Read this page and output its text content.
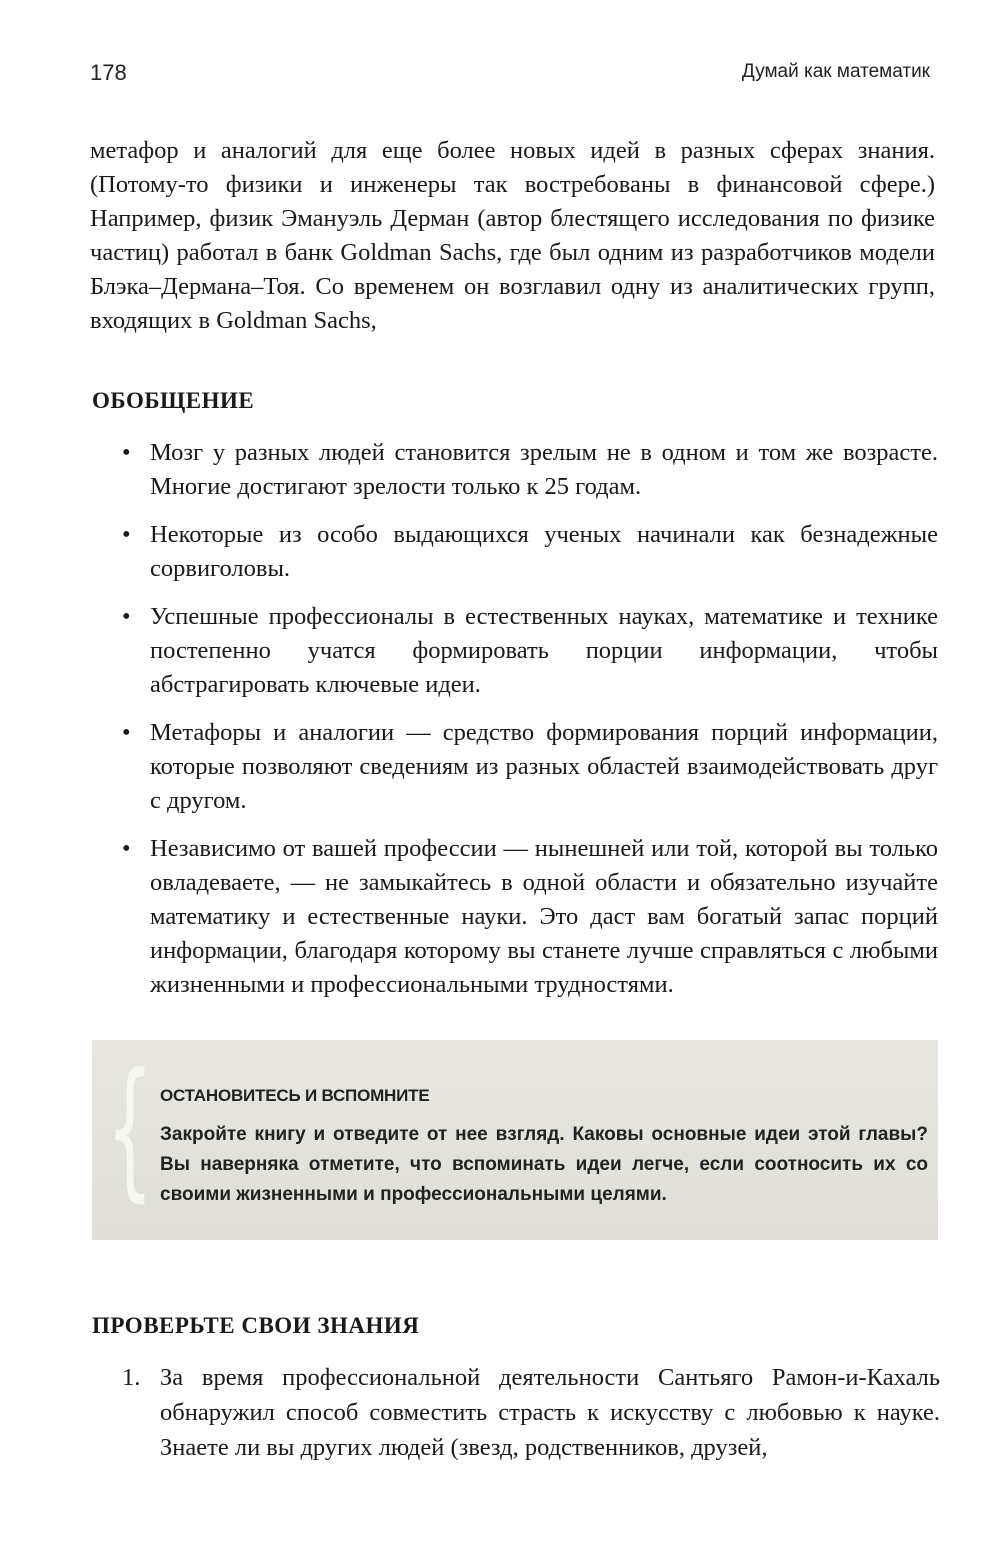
178	Думай как математик
метафор и аналогий для еще более новых идей в разных сферах знания. (Потому-то физики и инженеры так востребованы в финансовой сфере.) Например, физик Эмануэль Дерман (автор блестящего исследования по физике частиц) работал в банк Goldman Sachs, где был одним из разработчиков модели Блэка–Дермана–Тоя. Со временем он возглавил одну из аналитических групп, входящих в Goldman Sachs,
ОБОБЩЕНИЕ
• Мозг у разных людей становится зрелым не в одном и том же возрасте. Многие достигают зрелости только к 25 годам.
• Некоторые из особо выдающихся ученых начинали как безнадежные сорвиголовы.
• Успешные профессионалы в естественных науках, математике и технике постепенно учатся формировать порции информации, чтобы абстрагировать ключевые идеи.
• Метафоры и аналогии — средство формирования порций информации, которые позволяют сведениям из разных областей взаимодействовать друг с другом.
• Независимо от вашей профессии — нынешней или той, которой вы только овладеваете, — не замыкайтесь в одной области и обязательно изучайте математику и естественные науки. Это даст вам богатый запас порций информации, благодаря которому вы станете лучше справляться с любыми жизненными и профессиональными трудностями.
{ ОСТАНОВИТЕСЬ И ВСПОМНИТЕ
Закройте книгу и отведите от нее взгляд. Каковы основные идеи этой главы? Вы наверняка отметите, что вспоминать идеи легче, если соотносить их со своими жизненными и профессиональными целями.
ПРОВЕРЬТЕ СВОИ ЗНАНИЯ
1. За время профессиональной деятельности Сантьяго Рамон-и-Кахаль обнаружил способ совместить страсть к искусству с любовью к науке. Знаете ли вы других людей (звезд, родственников, друзей,
